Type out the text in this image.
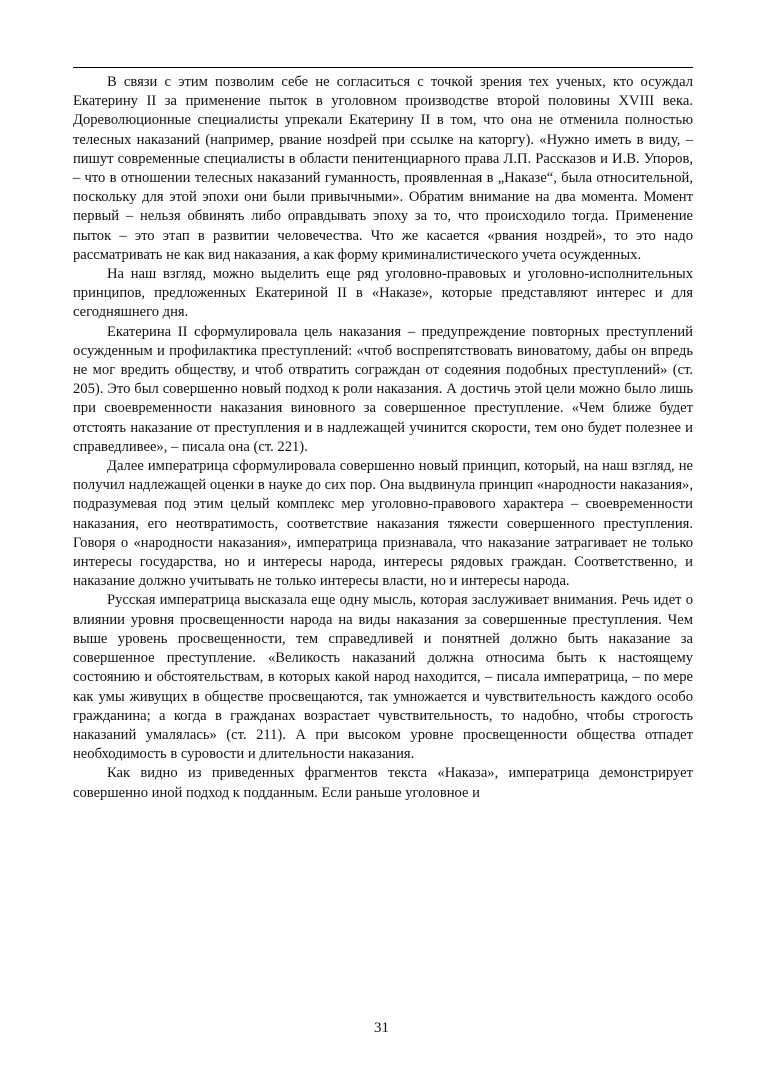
В связи с этим позволим себе не согласиться с точкой зрения тех ученых, кто осуждал Екатерину II за применение пыток в уголовном производстве второй половины XVIII века. Дореволюционные специалисты упрекали Екатерину II в том, что она не отменила полностью телесных наказаний (например, рвание нозdрей при ссылке на каторгу). «Нужно иметь в виду, – пишут современные специалисты в области пенитенциарного права Л.П. Рассказов и И.В. Упоров, – что в отношении телесных наказаний гуманность, проявленная в „Наказе“, была относительной, поскольку для этой эпохи они были привычными». Обратим внимание на два момента. Момент первый – нельзя обвинять либо оправдывать эпоху за то, что происходило тогда. Применение пыток – это этап в развитии человечества. Что же касается «рвания ноздрей», то это надо рассматривать не как вид наказания, а как форму криминалистического учета осужденных.

На наш взгляд, можно выделить еще ряд уголовно-правовых и уголовно-исполнительных принципов, предложенных Екатериной II в «Наказе», которые представляют интерес и для сегодняшнего дня.

Екатерина II сформулировала цель наказания – предупреждение повторных преступлений осужденным и профилактика преступлений: «чтоб воспрепятствовать виноватому, дабы он впредь не мог вредить обществу, и чтоб отвратить сограждан от содеяния подобных преступлений» (ст. 205). Это был совершенно новый подход к роли наказания. А достичь этой цели можно было лишь при своевременности наказания виновного за совершенное преступление. «Чем ближе будет отстоять наказание от преступления и в надлежащей учинится скорости, тем оно будет полезнее и справедливее», – писала она (ст. 221).

Далее императрица сформулировала совершенно новый принцип, который, на наш взгляд, не получил надлежащей оценки в науке до сих пор. Она выдвинула принцип «народности наказания», подразумевая под этим целый комплекс мер уголовно-правового характера – своевременности наказания, его неотвратимость, соответствие наказания тяжести совершенного преступления. Говоря о «народности наказания», императрица признавала, что наказание затрагивает не только интересы государства, но и интересы народа, интересы рядовых граждан. Соответственно, и наказание должно учитывать не только интересы власти, но и интересы народа.

Русская императрица высказала еще одну мысль, которая заслуживает внимания. Речь идет о влиянии уровня просвещенности народа на виды наказания за совершенные преступления. Чем выше уровень просвещенности, тем справедливей и понятней должно быть наказание за совершенное преступление. «Великость наказаний должна относима быть к настоящему состоянию и обстоятельствам, в которых какой народ находится, – писала императрица, – по мере как умы живущих в обществе просвещаются, так умножается и чувствительность каждого особо гражданина; а когда в гражданах возрастает чувствительность, то надобно, чтобы строгость наказаний умалялась» (ст. 211). А при высоком уровне просвещенности общества отпадет необходимость в суровости и длительности наказания.

Как видно из приведенных фрагментов текста «Наказа», императрица демонстрирует совершенно иной подход к подданным. Если раньше уголовное и

31
